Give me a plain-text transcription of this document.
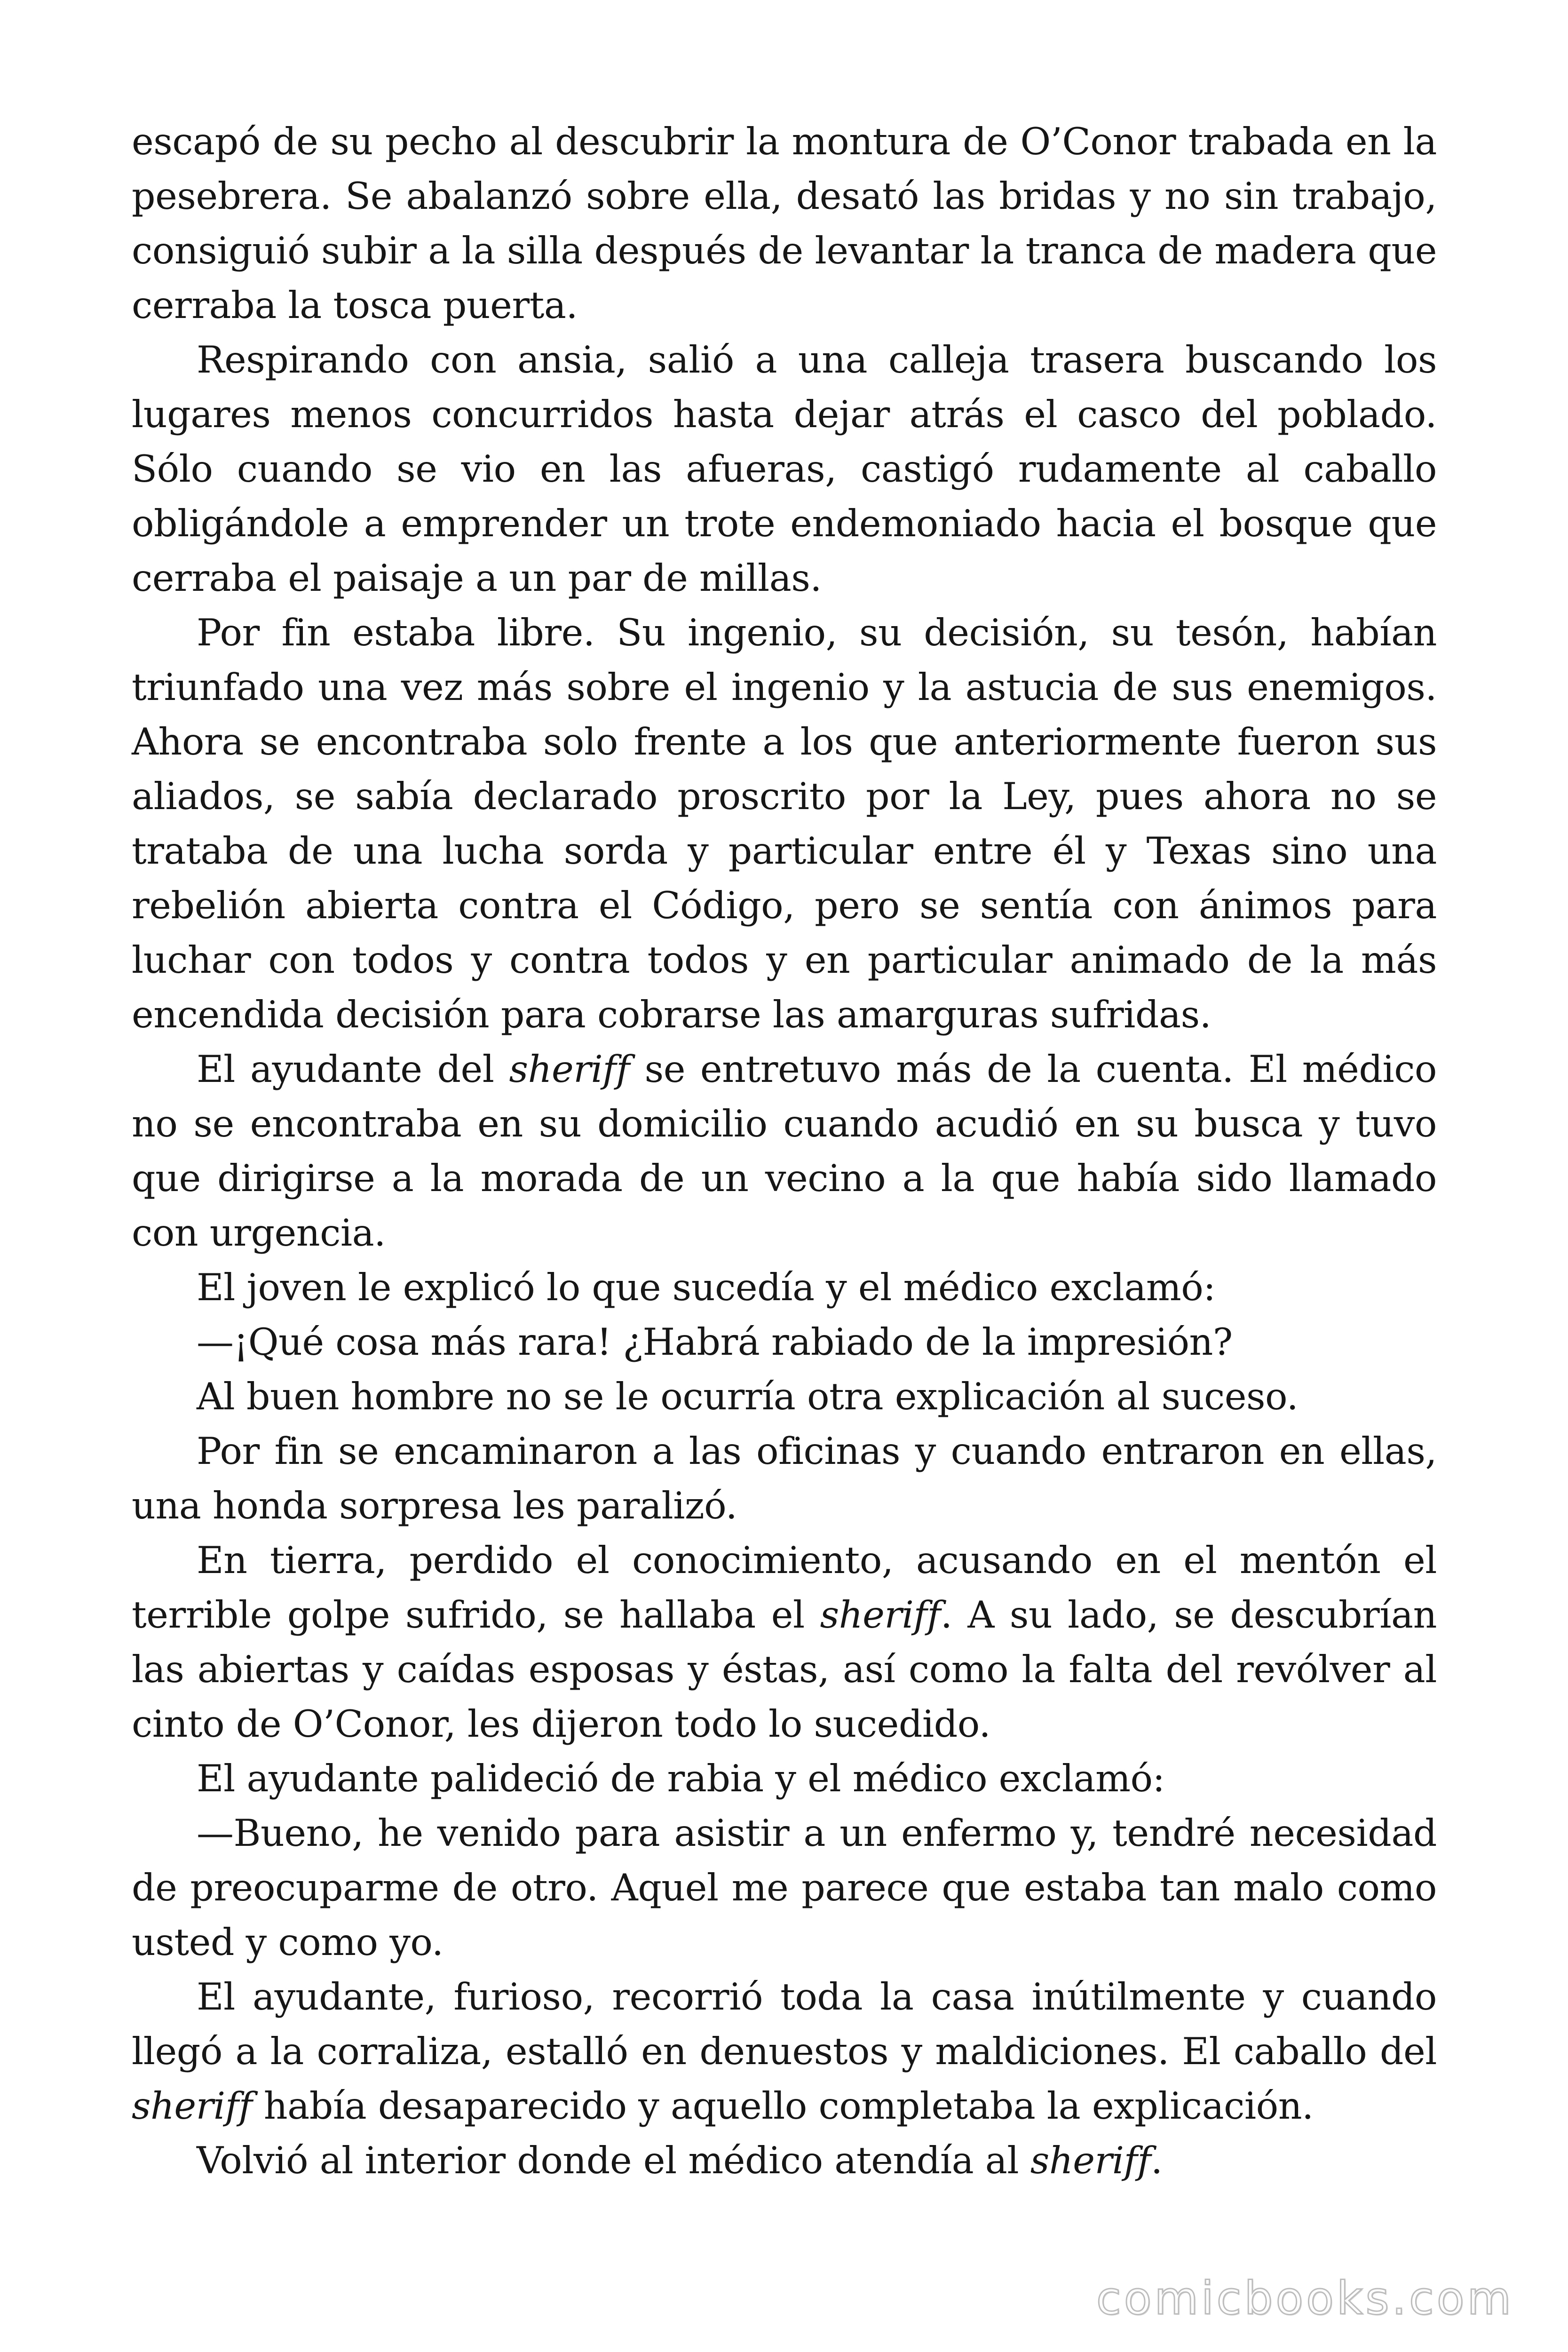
escapó de su pecho al descubrir la montura de O’Conor trabada en la pesebrera. Se abalanzó sobre ella, desató las bridas y no sin trabajo, consiguió subir a la silla después de levantar la tranca de madera que cerraba la tosca puerta.

Respirando con ansia, salió a una calleja trasera buscando los lugares menos concurridos hasta dejar atrás el casco del poblado. Sólo cuando se vio en las afueras, castigó rudamente al caballo obligándole a emprender un trote endemoniado hacia el bosque que cerraba el paisaje a un par de millas.

Por fin estaba libre. Su ingenio, su decisión, su tesón, habían triunfado una vez más sobre el ingenio y la astucia de sus enemigos. Ahora se encontraba solo frente a los que anteriormente fueron sus aliados, se sabía declarado proscrito por la Ley, pues ahora no se trataba de una lucha sorda y particular entre él y Texas sino una rebelión abierta contra el Código, pero se sentía con ánimos para luchar con todos y contra todos y en particular animado de la más encendida decisión para cobrarse las amarguras sufridas.

El ayudante del sheriff se entretuvo más de la cuenta. El médico no se encontraba en su domicilio cuando acudió en su busca y tuvo que dirigirse a la morada de un vecino a la que había sido llamado con urgencia.

El joven le explicó lo que sucedía y el médico exclamó:

—¡Qué cosa más rara! ¿Habrá rabiado de la impresión?

Al buen hombre no se le ocurría otra explicación al suceso.

Por fin se encaminaron a las oficinas y cuando entraron en ellas, una honda sorpresa les paralizó.

En tierra, perdido el conocimiento, acusando en el mentón el terrible golpe sufrido, se hallaba el sheriff. A su lado, se descubrían las abiertas y caídas esposas y éstas, así como la falta del revólver al cinto de O’Conor, les dijeron todo lo sucedido.

El ayudante palideció de rabia y el médico exclamó:

—Bueno, he venido para asistir a un enfermo y, tendré necesidad de preocuparme de otro. Aquel me parece que estaba tan malo como usted y como yo.

El ayudante, furioso, recorrió toda la casa inútilmente y cuando llegó a la corraliza, estalló en denuestos y maldiciones. El caballo del sheriff había desaparecido y aquello completaba la explicación.

Volvió al interior donde el médico atendía al sheriff.

comicbooks.com
